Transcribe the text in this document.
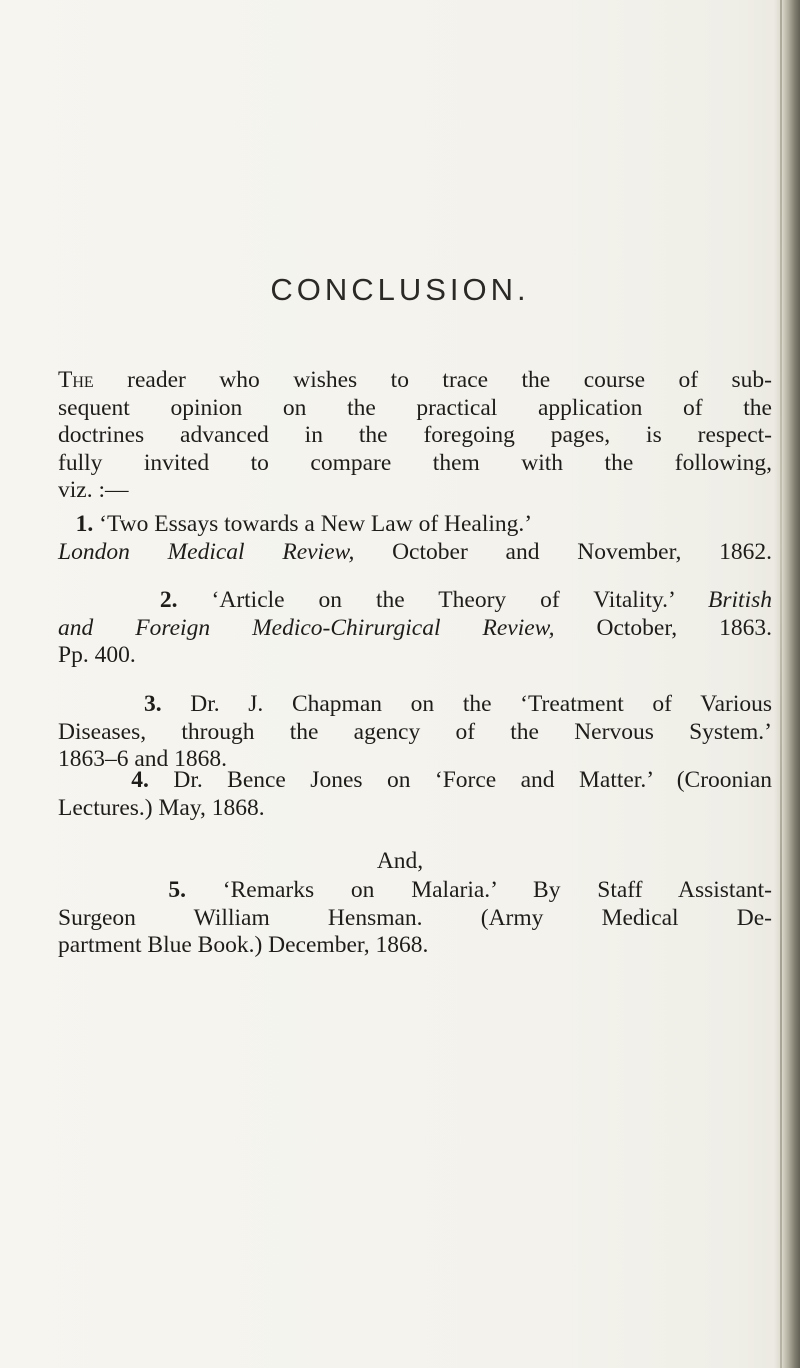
CONCLUSION.

The reader who wishes to trace the course of sub-
sequent opinion on the practical application of the
doctrines advanced in the foregoing pages, is respect-
fully invited to compare them with the following,
viz. :—

1. ‘Two Essays towards a New Law of Healing.’
London Medical Review, October and November, 1862.

2. ‘Article on the Theory of Vitality.’ British
and Foreign Medico-Chirurgical Review, October, 1863.
Pp. 400.

3. Dr. J. Chapman on the ‘Treatment of Various
Diseases, through the agency of the Nervous System.’
1863–6 and 1868.

4. Dr. Bence Jones on ‘Force and Matter.’ (Croonian
Lectures.) May, 1868.

And,

5. ‘Remarks on Malaria.’ By Staff Assistant-
Surgeon William Hensman. (Army Medical De-
partment Blue Book.) December, 1868.
